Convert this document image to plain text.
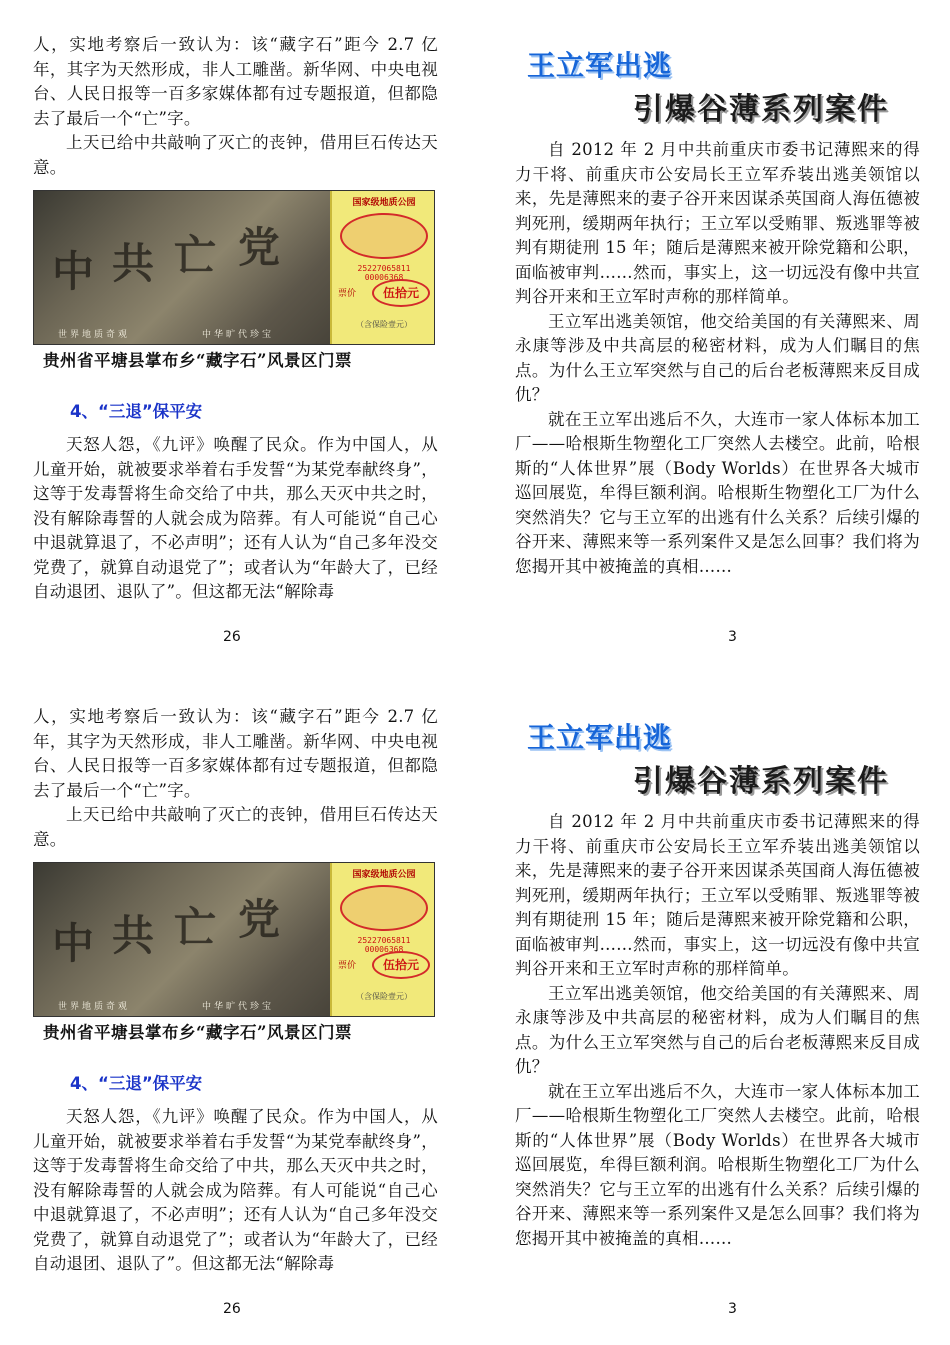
人，实地考察后一致认为：该“藏字石”距今 2.7 亿年，其字为天然形成，非人工雕凿。新华网、中央电视台、人民日报等一百多家媒体都有过专题报道，但都隐去了最后一个“亡”字。

上天已给中共敲响了灭亡的丧钟，借用巨石传达天意。

中 共 亡 党
世界地质奇观	中华旷代珍宝
国家级地质公园
25227065811
00006368
票价	伍拾元
（含保险壹元）
贵州省平塘县掌布乡“藏字石”风景区门票
4、“三退”保平安

天怒人怨，《九评》唤醒了民众。作为中国人，从儿童开始，就被要求举着右手发誓“为某党奉献终身”，这等于发毒誓将生命交给了中共，那么天灭中共之时，没有解除毒誓的人就会成为陪葬。有人可能说“自己心中退就算退了，不必声明”；还有人认为“自己多年没交党费了，就算自动退党了”；或者认为“年龄大了，已经自动退团、退队了”。但这都无法“解除毒

26
王立军出逃
引爆谷薄系列案件

自 2012 年 2 月中共前重庆市委书记薄熙来的得力干将、前重庆市公安局长王立军乔装出逃美领馆以来，先是薄熙来的妻子谷开来因谋杀英国商人海伍德被判死刑，缓期两年执行；王立军以受贿罪、叛逃罪等被判有期徒刑 15 年；随后是薄熙来被开除党籍和公职，面临被审判……然而，事实上，这一切远没有像中共宣判谷开来和王立军时声称的那样简单。

王立军出逃美领馆，他交给美国的有关薄熙来、周永康等涉及中共高层的秘密材料，成为人们瞩目的焦点。为什么王立军突然与自己的后台老板薄熙来反目成仇？

就在王立军出逃后不久，大连市一家人体标本加工厂——哈根斯生物塑化工厂突然人去楼空。此前，哈根斯的“人体世界”展（Body Worlds）在世界各大城市巡回展览，牟得巨额利润。哈根斯生物塑化工厂为什么突然消失？它与王立军的出逃有什么关系？后续引爆的谷开来、薄熙来等一系列案件又是怎么回事？我们将为您揭开其中被掩盖的真相……

3

人，实地考察后一致认为：该“藏字石”距今 2.7 亿年，其字为天然形成，非人工雕凿。新华网、中央电视台、人民日报等一百多家媒体都有过专题报道，但都隐去了最后一个“亡”字。

上天已给中共敲响了灭亡的丧钟，借用巨石传达天意。

中 共 亡 党
世界地质奇观	中华旷代珍宝
国家级地质公园
25227065811
00006368
票价	伍拾元
（含保险壹元）
贵州省平塘县掌布乡“藏字石”风景区门票
4、“三退”保平安

天怒人怨，《九评》唤醒了民众。作为中国人，从儿童开始，就被要求举着右手发誓“为某党奉献终身”，这等于发毒誓将生命交给了中共，那么天灭中共之时，没有解除毒誓的人就会成为陪葬。有人可能说“自己心中退就算退了，不必声明”；还有人认为“自己多年没交党费了，就算自动退党了”；或者认为“年龄大了，已经自动退团、退队了”。但这都无法“解除毒

26
王立军出逃
引爆谷薄系列案件

自 2012 年 2 月中共前重庆市委书记薄熙来的得力干将、前重庆市公安局长王立军乔装出逃美领馆以来，先是薄熙来的妻子谷开来因谋杀英国商人海伍德被判死刑，缓期两年执行；王立军以受贿罪、叛逃罪等被判有期徒刑 15 年；随后是薄熙来被开除党籍和公职，面临被审判……然而，事实上，这一切远没有像中共宣判谷开来和王立军时声称的那样简单。

王立军出逃美领馆，他交给美国的有关薄熙来、周永康等涉及中共高层的秘密材料，成为人们瞩目的焦点。为什么王立军突然与自己的后台老板薄熙来反目成仇？

就在王立军出逃后不久，大连市一家人体标本加工厂——哈根斯生物塑化工厂突然人去楼空。此前，哈根斯的“人体世界”展（Body Worlds）在世界各大城市巡回展览，牟得巨额利润。哈根斯生物塑化工厂为什么突然消失？它与王立军的出逃有什么关系？后续引爆的谷开来、薄熙来等一系列案件又是怎么回事？我们将为您揭开其中被掩盖的真相……

3
